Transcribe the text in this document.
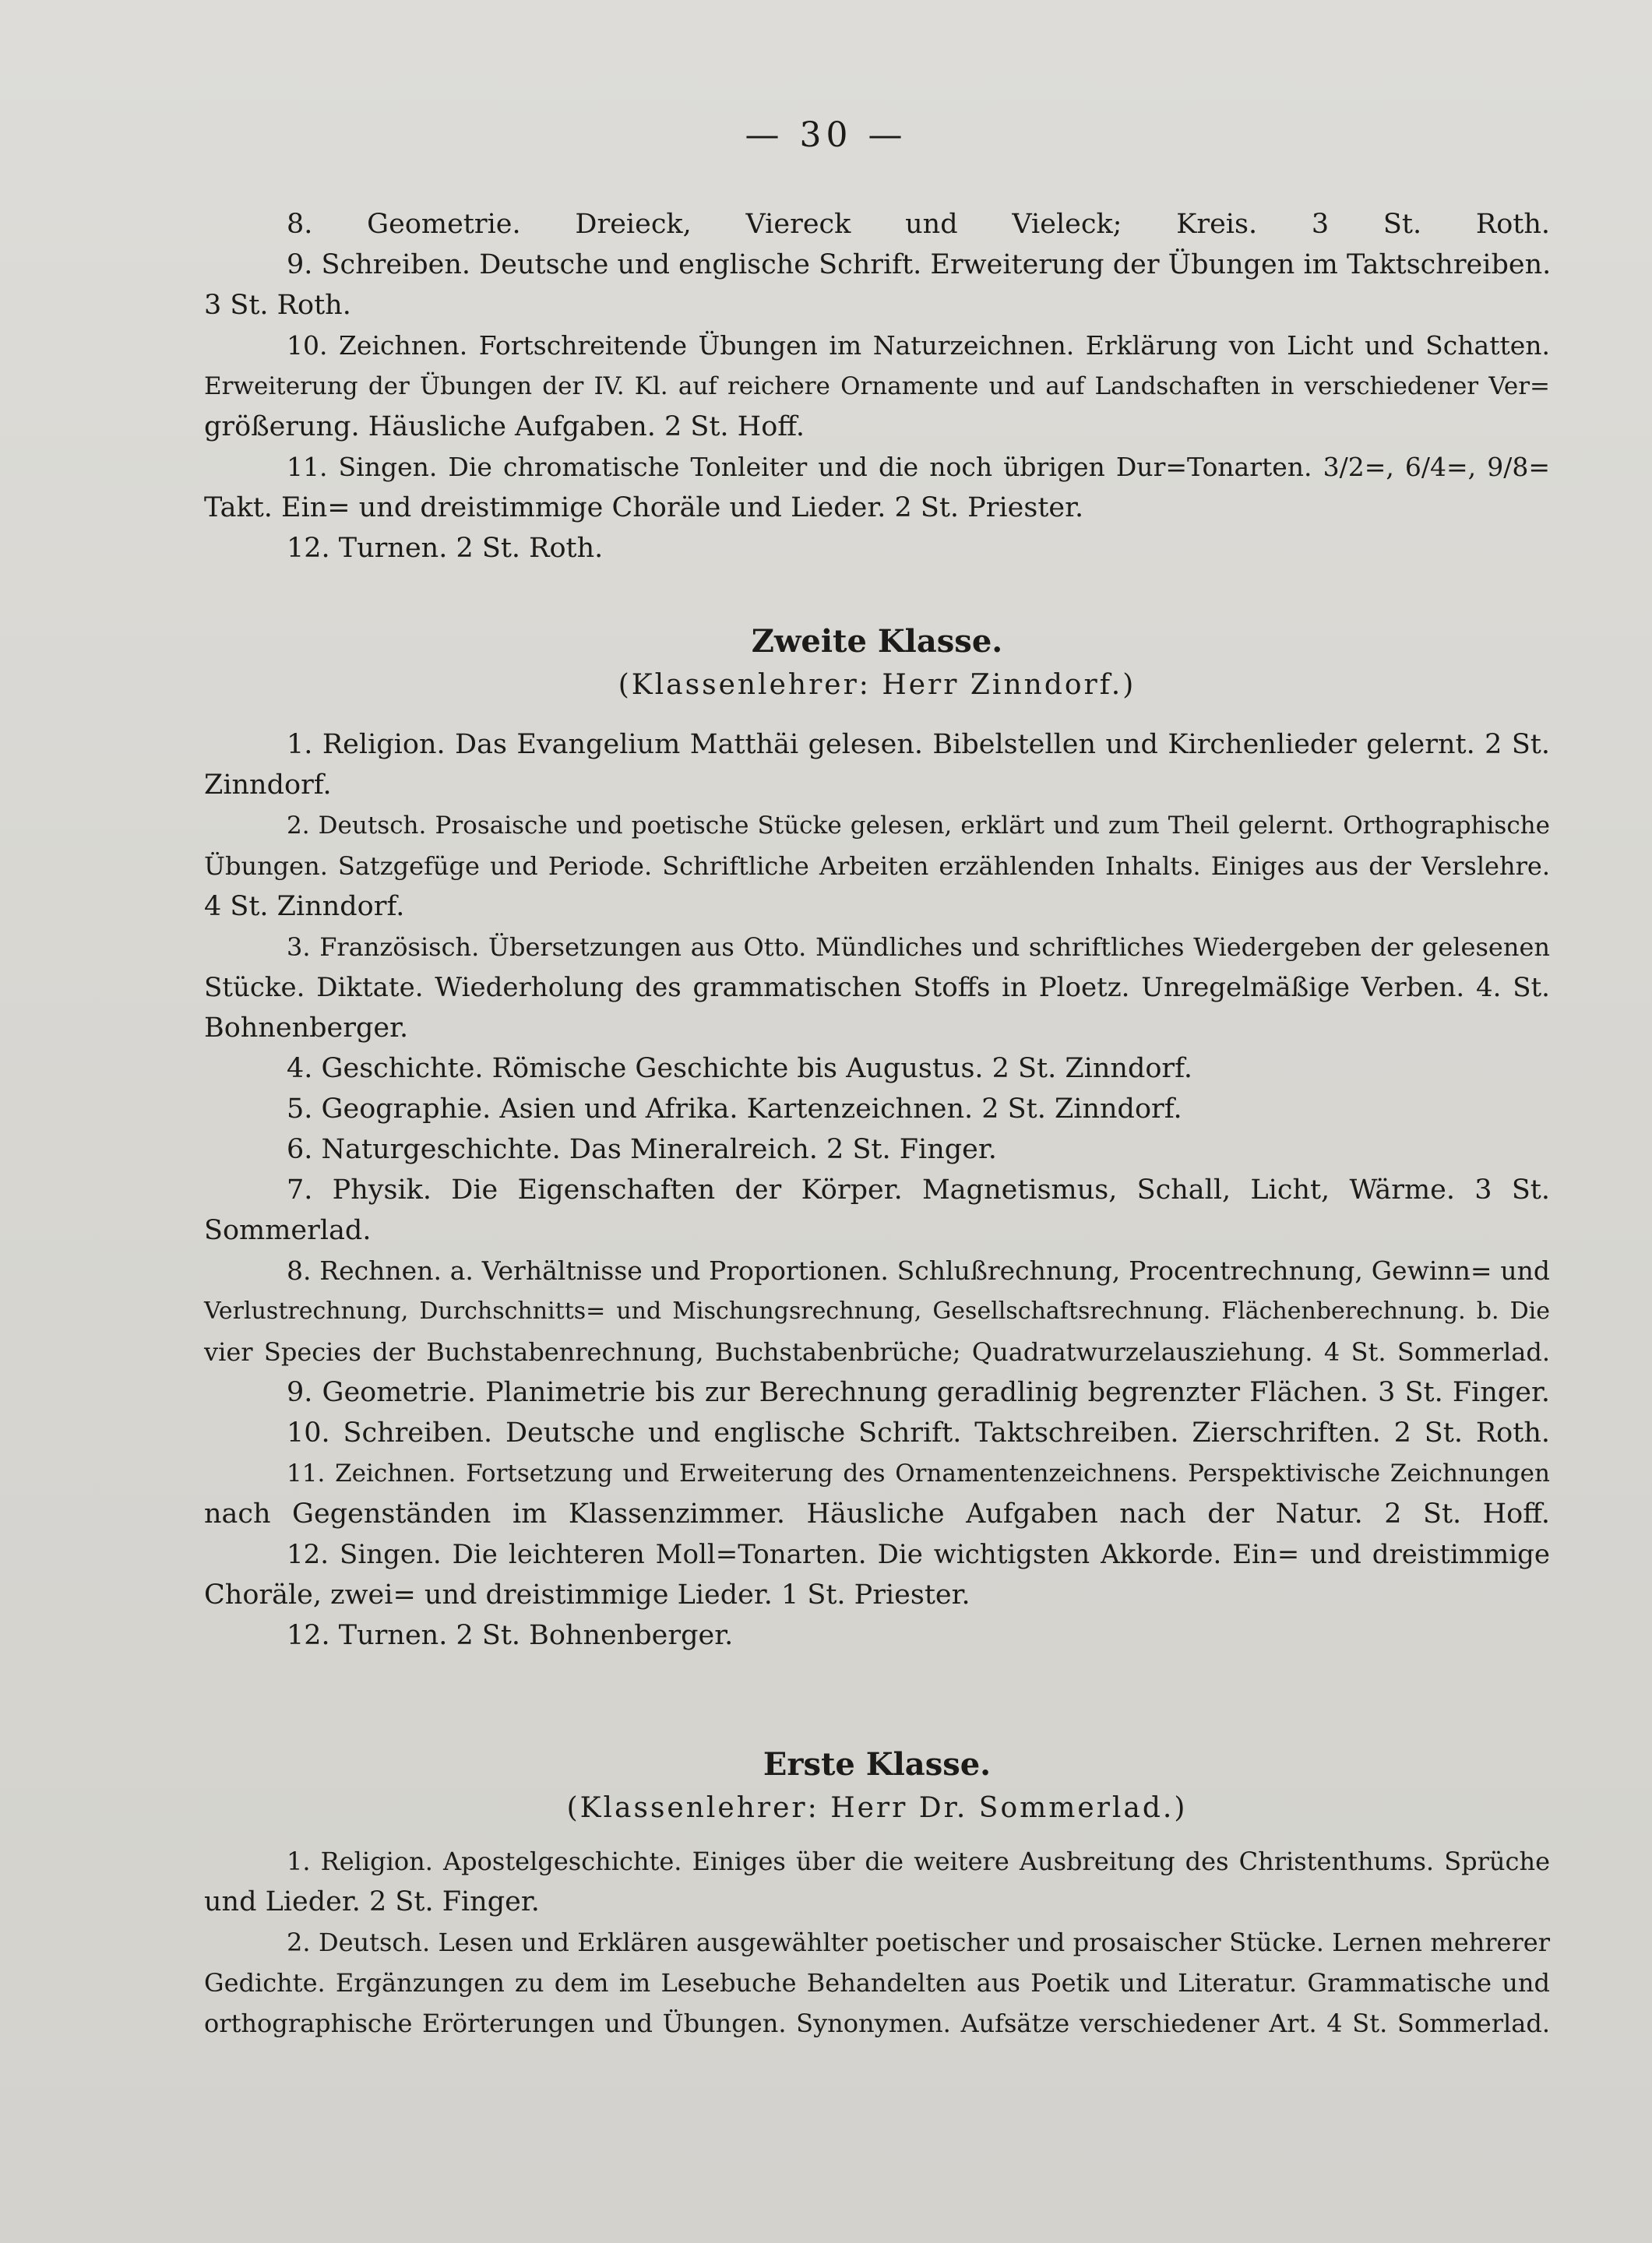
— 30 —
8. Geometrie. Dreieck, Viereck und Vieleck; Kreis. 3 St. Roth.
9. Schreiben. Deutsche und englische Schrift. Erweiterung der Übungen im Taktschreiben.
3 St. Roth.
10. Zeichnen. Fortschreitende Übungen im Naturzeichnen. Erklärung von Licht und Schatten.
Erweiterung der Übungen der IV. Kl. auf reichere Ornamente und auf Landschaften in verschiedener Ver=
größerung. Häusliche Aufgaben. 2 St. Hoff.
11. Singen. Die chromatische Tonleiter und die noch übrigen Dur=Tonarten. 3/2=, 6/4=, 9/8=
Takt. Ein= und dreistimmige Choräle und Lieder. 2 St. Priester.
12. Turnen. 2 St. Roth.
Zweite Klasse.
(Klassenlehrer: Herr Zinndorf.)
1. Religion. Das Evangelium Matthäi gelesen. Bibelstellen und Kirchenlieder gelernt. 2 St.
Zinndorf.
2. Deutsch. Prosaische und poetische Stücke gelesen, erklärt und zum Theil gelernt. Orthographische
Übungen. Satzgefüge und Periode. Schriftliche Arbeiten erzählenden Inhalts. Einiges aus der Verslehre.
4 St. Zinndorf.
3. Französisch. Übersetzungen aus Otto. Mündliches und schriftliches Wiedergeben der gelesenen
Stücke. Diktate. Wiederholung des grammatischen Stoffs in Ploetz. Unregelmäßige Verben. 4. St.
Bohnenberger.
4. Geschichte. Römische Geschichte bis Augustus. 2 St. Zinndorf.
5. Geographie. Asien und Afrika. Kartenzeichnen. 2 St. Zinndorf.
6. Naturgeschichte. Das Mineralreich. 2 St. Finger.
7. Physik. Die Eigenschaften der Körper. Magnetismus, Schall, Licht, Wärme. 3 St.
Sommerlad.
8. Rechnen. a. Verhältnisse und Proportionen. Schlußrechnung, Procentrechnung, Gewinn= und
Verlustrechnung, Durchschnitts= und Mischungsrechnung, Gesellschaftsrechnung. Flächenberechnung. b. Die
vier Species der Buchstabenrechnung, Buchstabenbrüche; Quadratwurzelausziehung. 4 St. Sommerlad.
9. Geometrie. Planimetrie bis zur Berechnung geradlinig begrenzter Flächen. 3 St. Finger.
10. Schreiben. Deutsche und englische Schrift. Taktschreiben. Zierschriften. 2 St. Roth.
11. Zeichnen. Fortsetzung und Erweiterung des Ornamentenzeichnens. Perspektivische Zeichnungen
nach Gegenständen im Klassenzimmer. Häusliche Aufgaben nach der Natur. 2 St. Hoff.
12. Singen. Die leichteren Moll=Tonarten. Die wichtigsten Akkorde. Ein= und dreistimmige
Choräle, zwei= und dreistimmige Lieder. 1 St. Priester.
12. Turnen. 2 St. Bohnenberger.
Erste Klasse.
(Klassenlehrer: Herr Dr. Sommerlad.)
1. Religion. Apostelgeschichte. Einiges über die weitere Ausbreitung des Christenthums. Sprüche
und Lieder. 2 St. Finger.
2. Deutsch. Lesen und Erklären ausgewählter poetischer und prosaischer Stücke. Lernen mehrerer
Gedichte. Ergänzungen zu dem im Lesebuche Behandelten aus Poetik und Literatur. Grammatische und
orthographische Erörterungen und Übungen. Synonymen. Aufsätze verschiedener Art. 4 St. Sommerlad.
